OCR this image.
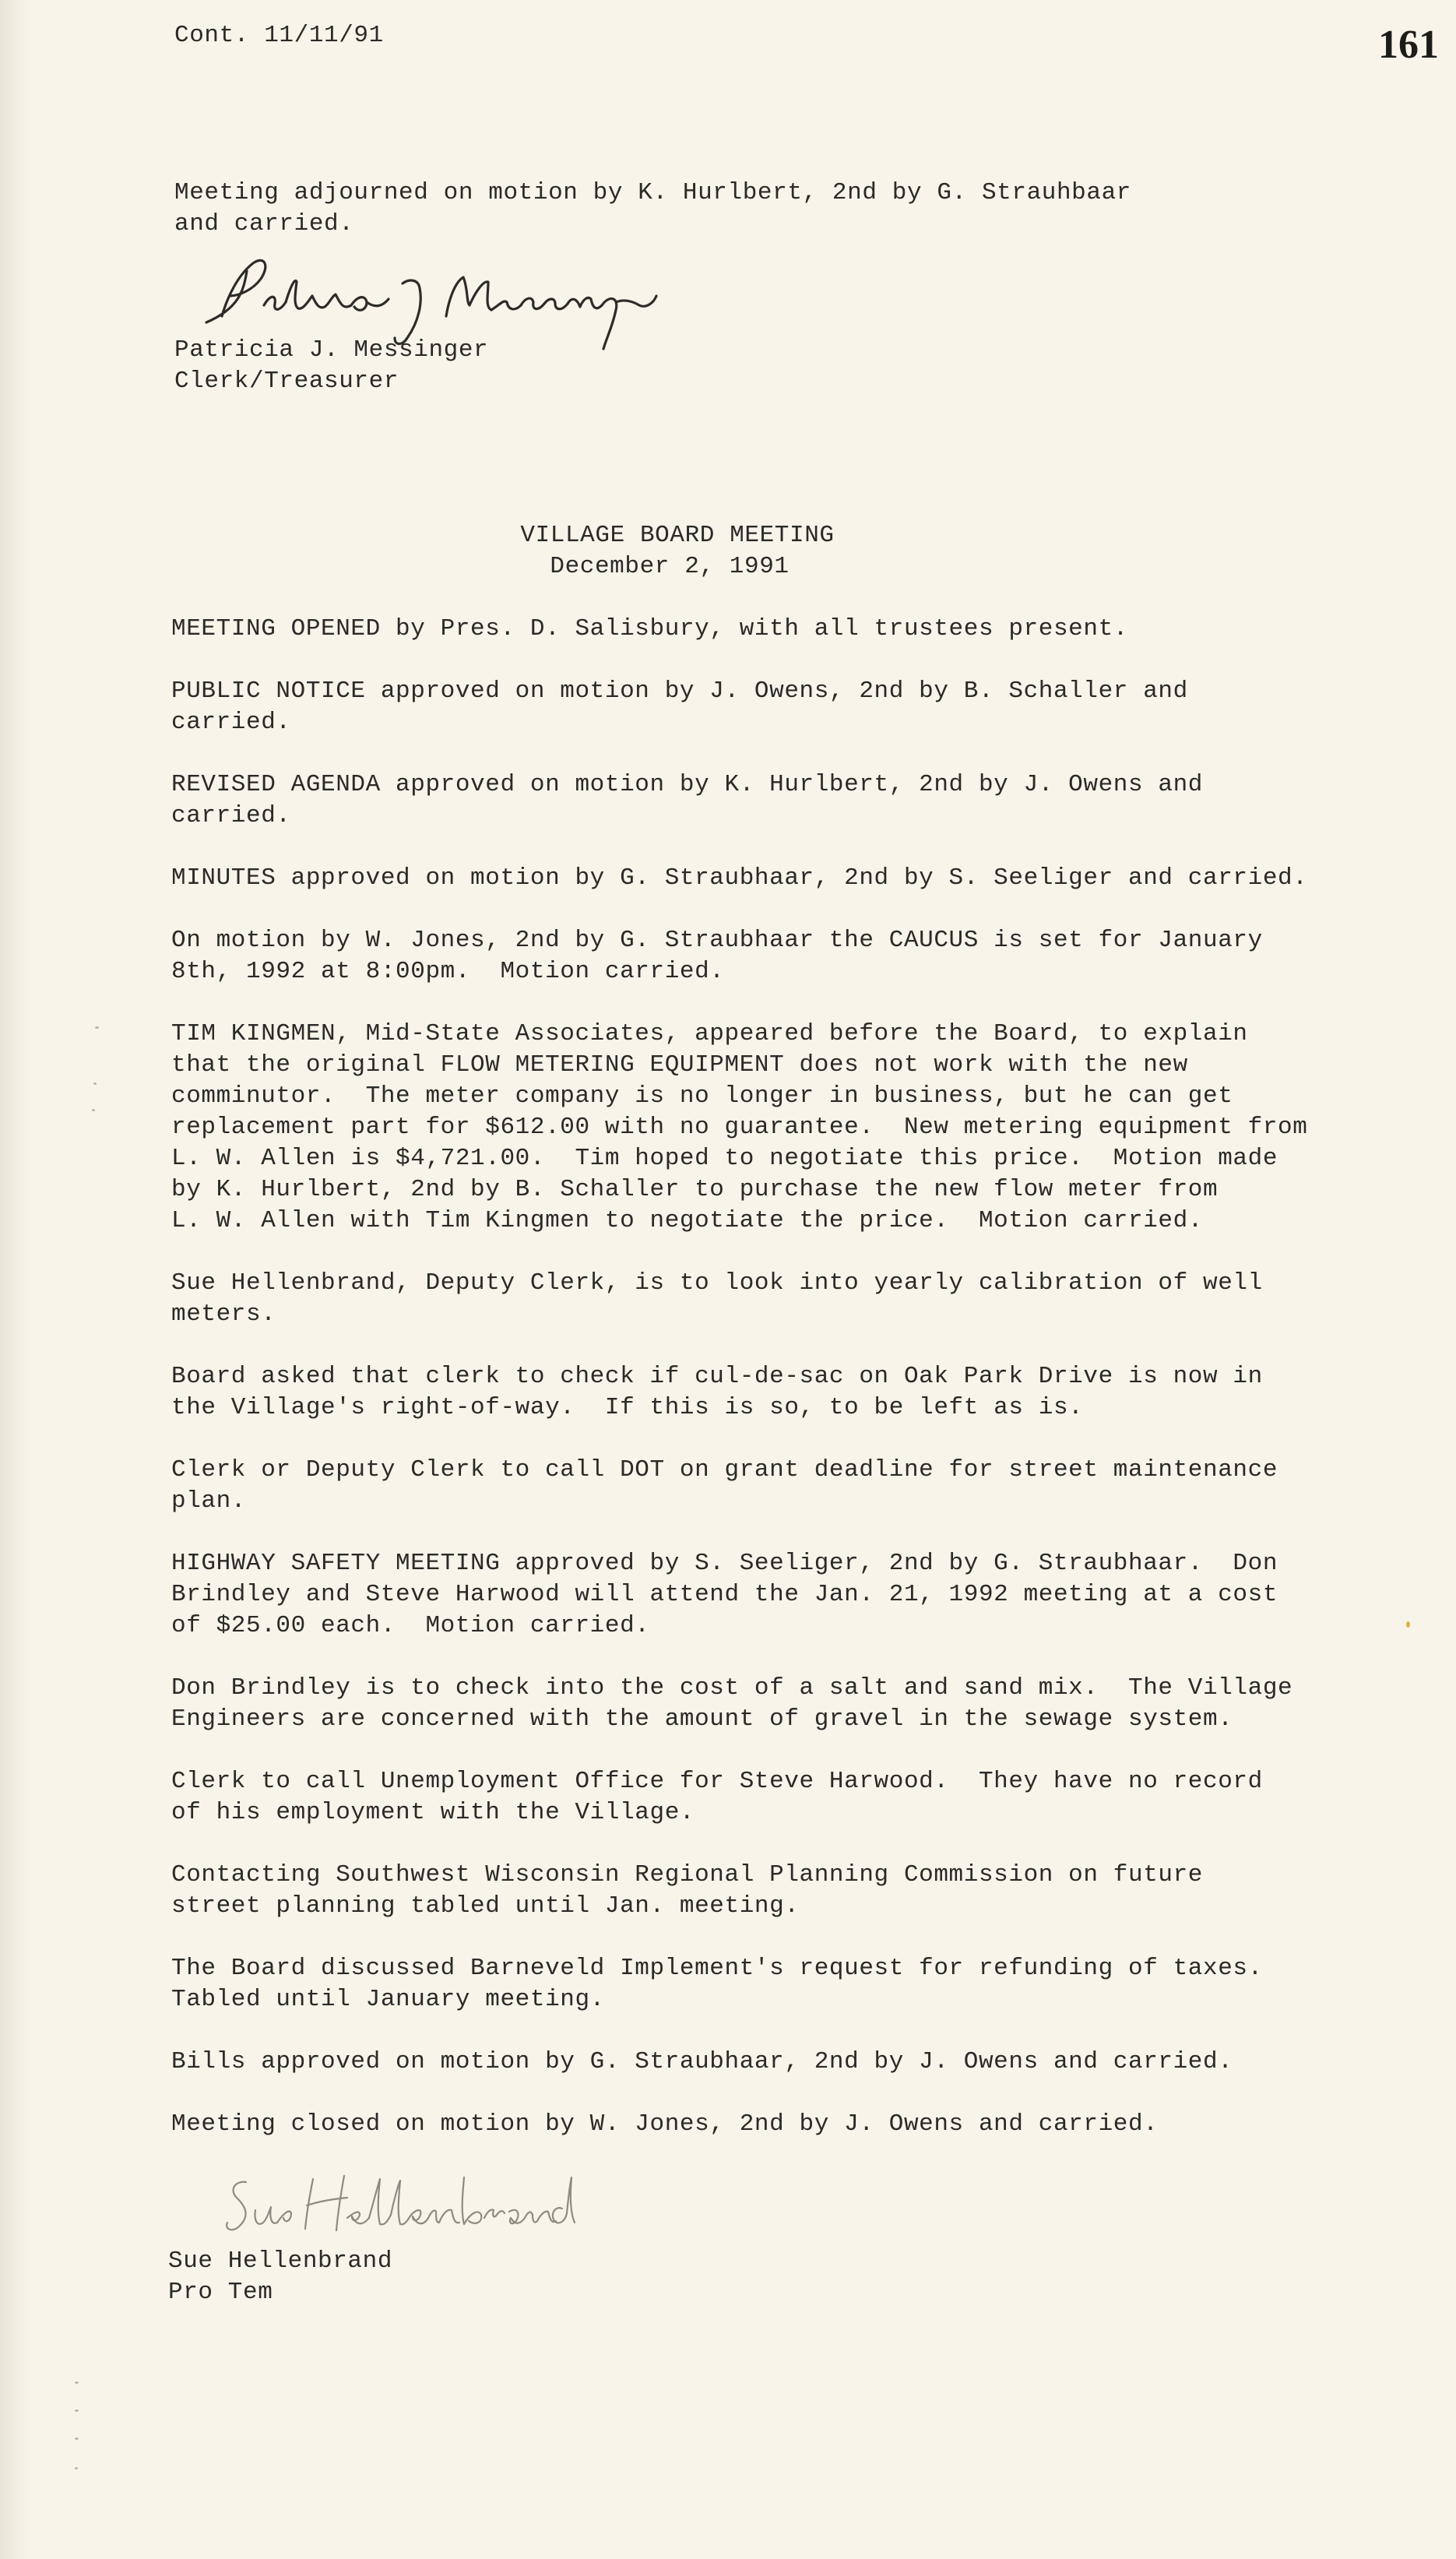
Cont. 11/11/91	161
Meeting adjourned on motion by K. Hurlbert, 2nd by G. Strauhbaar
and carried.
Patricia J. Messinger
Clerk/Treasurer
VILLAGE BOARD MEETING
December 2, 1991
MEETING OPENED by Pres. D. Salisbury, with all trustees present.
PUBLIC NOTICE approved on motion by J. Owens, 2nd by B. Schaller and
carried.
REVISED AGENDA approved on motion by K. Hurlbert, 2nd by J. Owens and
carried.
MINUTES approved on motion by G. Straubhaar, 2nd by S. Seeliger and carried.
On motion by W. Jones, 2nd by G. Straubhaar the CAUCUS is set for January
8th, 1992 at 8:00pm.  Motion carried.
TIM KINGMEN, Mid-State Associates, appeared before the Board, to explain
that the original FLOW METERING EQUIPMENT does not work with the new
comminutor.  The meter company is no longer in business, but he can get
replacement part for $612.00 with no guarantee.  New metering equipment from
L. W. Allen is $4,721.00.  Tim hoped to negotiate this price.  Motion made
by K. Hurlbert, 2nd by B. Schaller to purchase the new flow meter from
L. W. Allen with Tim Kingmen to negotiate the price.  Motion carried.
Sue Hellenbrand, Deputy Clerk, is to look into yearly calibration of well
meters.
Board asked that clerk to check if cul-de-sac on Oak Park Drive is now in
the Village's right-of-way.  If this is so, to be left as is.
Clerk or Deputy Clerk to call DOT on grant deadline for street maintenance
plan.
HIGHWAY SAFETY MEETING approved by S. Seeliger, 2nd by G. Straubhaar.  Don
Brindley and Steve Harwood will attend the Jan. 21, 1992 meeting at a cost
of $25.00 each.  Motion carried.
Don Brindley is to check into the cost of a salt and sand mix.  The Village
Engineers are concerned with the amount of gravel in the sewage system.
Clerk to call Unemployment Office for Steve Harwood.  They have no record
of his employment with the Village.
Contacting Southwest Wisconsin Regional Planning Commission on future
street planning tabled until Jan. meeting.
The Board discussed Barneveld Implement's request for refunding of taxes.
Tabled until January meeting.
Bills approved on motion by G. Straubhaar, 2nd by J. Owens and carried.
Meeting closed on motion by W. Jones, 2nd by J. Owens and carried.
Sue Hellenbrand
Pro Tem
